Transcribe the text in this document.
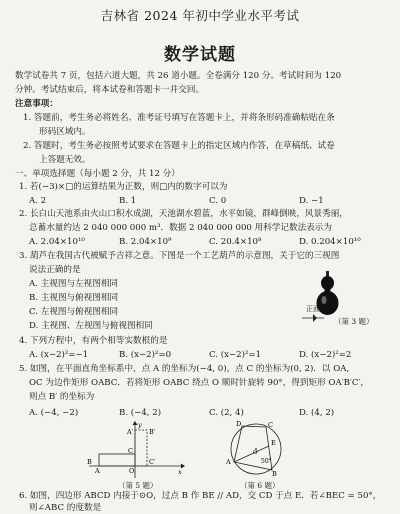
吉林省 2024 年初中学业水平考试
数学试题
数学试卷共 7 页，包括六道大题，共 26 道小题。全卷满分 120 分。考试时间为 120
分钟。考试结束后，将本试卷和答题卡一并交回。
注意事项：
1. 答题前，考生务必将姓名、准考证号填写在答题卡上，并将条形码准确粘贴在条
形码区域内。
2. 答题时，考生务必按照考试要求在答题卡上的指定区域内作答，在草稿纸、试卷
上答题无效。
一、单项选择题（每小题 2 分，共 12 分）
1. 若(−3)×□的运算结果为正数，则□内的数字可以为
A. 2	B. 1	C. 0	D. −1
2. 长白山天池系由火山口积水成湖，天池湖水碧蓝，水平如镜，群峰倒映，风景秀丽，
总蓄水量约达 2 040 000 000 m³．数据 2 040 000 000 用科学记数法表示为
A. 2.04×10¹⁰	B. 2.04×10⁹	C. 20.4×10⁸	D. 0.204×10¹⁰
3. 葫芦在我国古代被赋予吉祥之意。下图是一个工艺葫芦的示意图，关于它的三视图
说法正确的是
A. 主视图与左视图相同
B. 主视图与俯视图相同
C. 左视图与俯视图相同
D. 主视图、左视图与俯视图相同
正面
（第 3 题）
4. 下列方程中，有两个相等实数根的是
A. (x−2)²=−1	B. (x−2)²=0	C. (x−2)²=1	D. (x−2)²=2
5. 如图，在平面直角坐标系中，点 A 的坐标为(−4, 0)，点 C 的坐标为(0, 2)．以 OA,
OC 为边作矩形 OABC．若将矩形 OABC 绕点 O 顺时针旋转 90°，得到矩形 OA′B′C′，
则点 B′ 的坐标为
A. (−4, −2)	B. (−4, 2)	C. (2, 4)	D. (4, 2)
B
A
C
O
A′ B′
C′
x
y
（第 5 题）
D	C
A
B
E
O
50°
（第 6 题）
6. 如图，四边形 ABCD 内接于⊙O，过点 B 作 BE // AD，交 CD 于点 E．若∠BEC = 50°，
则∠ABC 的度数是
